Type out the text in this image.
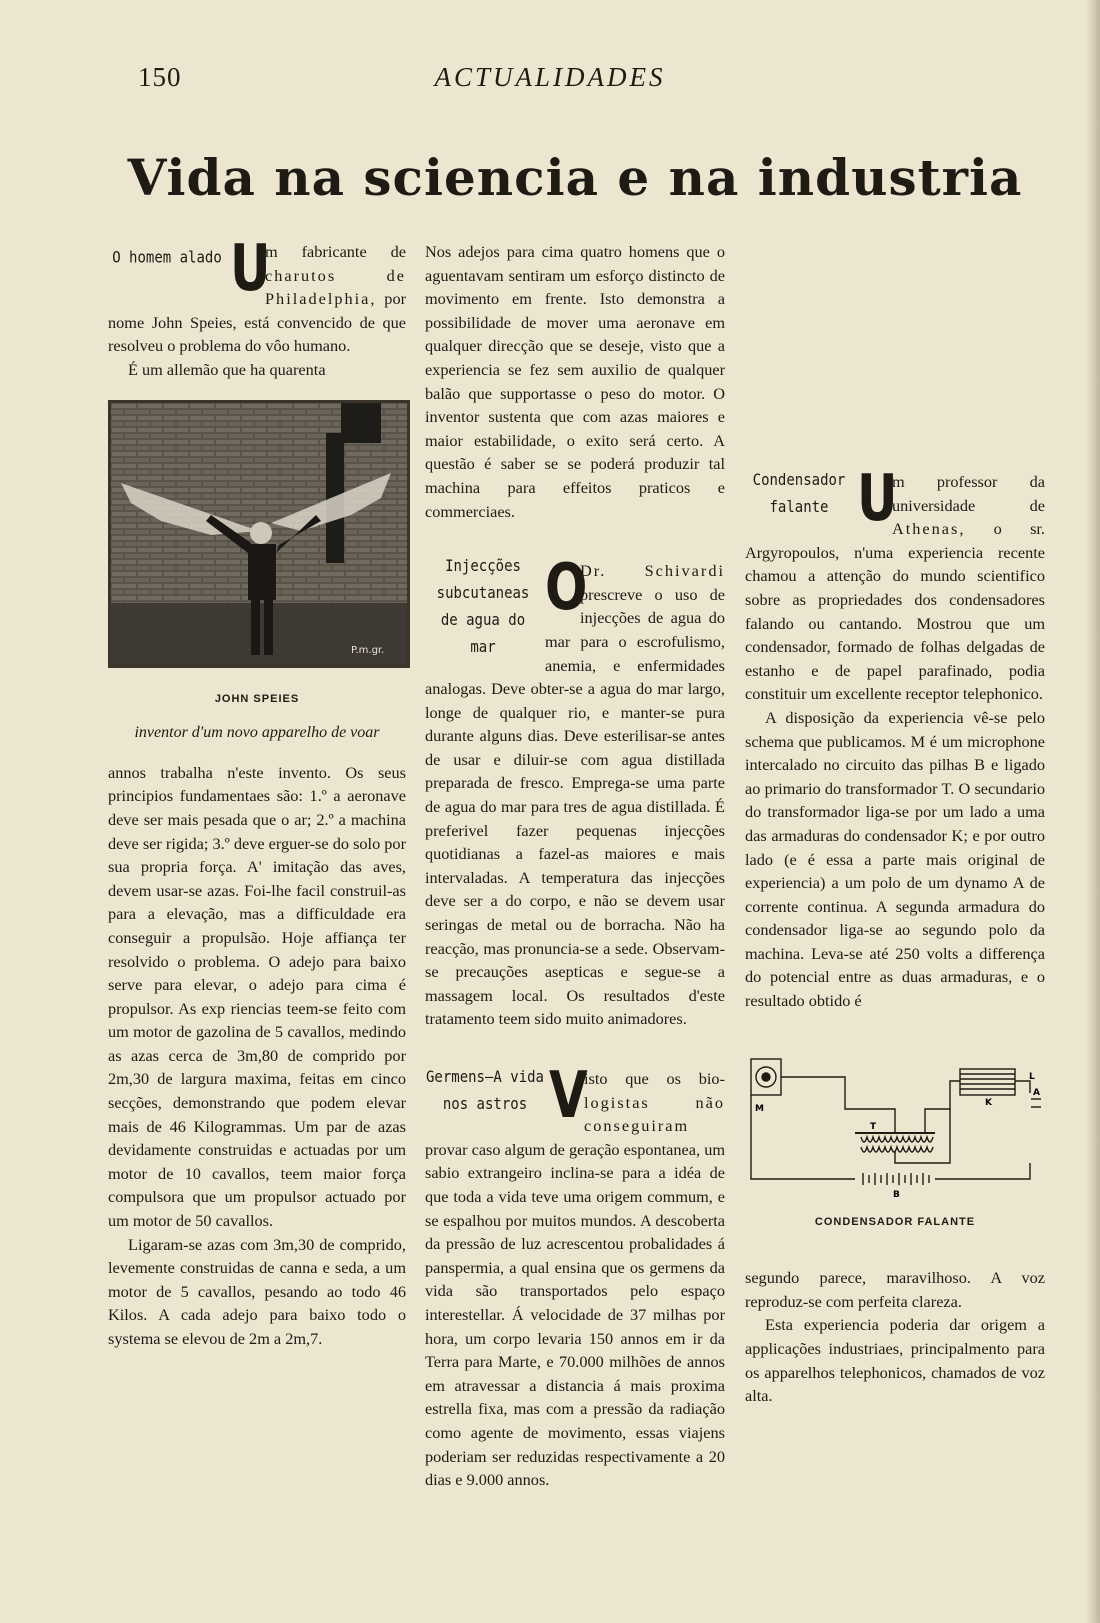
150	ACTUALIDADES
Vida na sciencia e na industria

O homem alado U
m fabricante de charutos de Philadelphia, por nome John Speies, está convencido de que resolveu o problema do vôo humano.

É um allemão que ha quarenta

P.m.gr.
JOHN SPEIES
inventor d'um novo apparelho de voar

annos trabalha n'este invento. Os seus principios fundamentaes são: 1.º a aeronave deve ser mais pesada que o ar; 2.º a machina deve ser rigida; 3.º deve erguer-se do solo por sua propria força. A' imitação das aves, devem usar-se azas. Foi-lhe facil construil-as para a elevação, mas a difficuldade era conseguir a propulsão. Hoje affiança ter resolvido o problema. O adejo para baixo serve para elevar, o adejo para cima é propulsor. As exp riencias teem-se feito com um motor de gazolina de 5 cavallos, medindo as azas cerca de 3m,80 de comprido por 2m,30 de largura maxima, feitas em cinco secções, demonstrando que podem elevar mais de 46 Kilogrammas. Um par de azas devidamente construidas e actuadas por um motor de 10 cavallos, teem maior força compulsora que um propulsor actuado por um motor de 50 cavallos.

Ligaram-se azas com 3m,30 de comprido, levemente construidas de canna e seda, a um motor de 5 cavallos, pesando ao todo 46 Kilos. A cada adejo para baixo todo o systema se elevou de 2m a 2m,7.

Nos adejos para cima quatro homens que o aguentavam sentiram um esforço distincto de movimento em frente. Isto demonstra a possibilidade de mover uma aeronave em qualquer direcção que se deseje, visto que a experiencia se fez sem auxilio de qualquer balão que supportasse o peso do motor. O inventor sustenta que com azas maiores e maior estabilidade, o exito será certo. A questão é saber se se poderá produzir tal machina para effeitos praticos e commerciaes.

Injecções subcutaneas de agua do mar
O
Dr. Schivardi prescreve o uso de injecções de agua do mar para o escrofulismo, anemia, e enfermidades analogas. Deve obter-se a agua do mar largo, longe de qualquer rio, e manter-se pura durante alguns dias. Deve esterilisar-se antes de usar e diluir-se com agua distillada preparada de fresco. Emprega-se uma parte de agua do mar para tres de agua distillada. É preferivel fazer pequenas injecções quotidianas a fazel-as maiores e mais intervaladas. A temperatura das injecções deve ser a do corpo, e não se devem usar seringas de metal ou de borracha. Não ha reacção, mas pronuncia-se a sede. Observam-se precauções asepticas e segue-se a massagem local. Os resultados d'este tratamento teem sido muito animadores.

Germens—A vida nos astros V
isto que os bio- logistas não conseguiram provar caso algum de geração espontanea, um sabio extrangeiro inclina-se para a idéa de que toda a vida teve uma origem commum, e se espalhou por muitos mundos. A descoberta da pressão de luz acrescentou probalidades á panspermia, a qual ensina que os germens da vida são transportados pelo espaço interestellar. Á velocidade de 37 milhas por hora, um corpo levaria 150 annos em ir da Terra para Marte, e 70.000 milhões de annos em atravessar a distancia á mais proxima estrella fixa, mas com a pressão da radiação como agente de movimento, essas viajens poderiam ser reduzidas respectivamente a 20 dias e 9.000 annos.

Condensador falante U
m professor da universidade de Athenas, o sr. Argyropoulos, n'uma experiencia recente chamou a attenção do mundo scientifico sobre as propriedades dos condensadores falando ou cantando. Mostrou que um condensador, formado de folhas delgadas de estanho e de papel parafinado, podia constituir um excellente receptor telephonico.

A disposição da experiencia vê-se pelo schema que publicamos. M é um microphone intercalado no circuito das pilhas B e ligado ao primario do transformador T. O secundario do transformador liga-se por um lado a uma das armaduras do condensador K; e por outro lado (e é essa a parte mais original de experiencia) a um polo de um dynamo A de corrente continua. A segunda armadura do condensador liga-se ao segundo polo da machina. Leva-se até 250 volts a differença do potencial entre as duas armaduras, e o resultado obtido é

M
T
K
B
A
L
CONDENSADOR FALANTE

segundo parece, maravilhoso. A voz reproduz-se com perfeita clareza.

Esta experiencia poderia dar origem a applicações industriaes, principalmento para os apparelhos telephonicos, chamados de voz alta.
